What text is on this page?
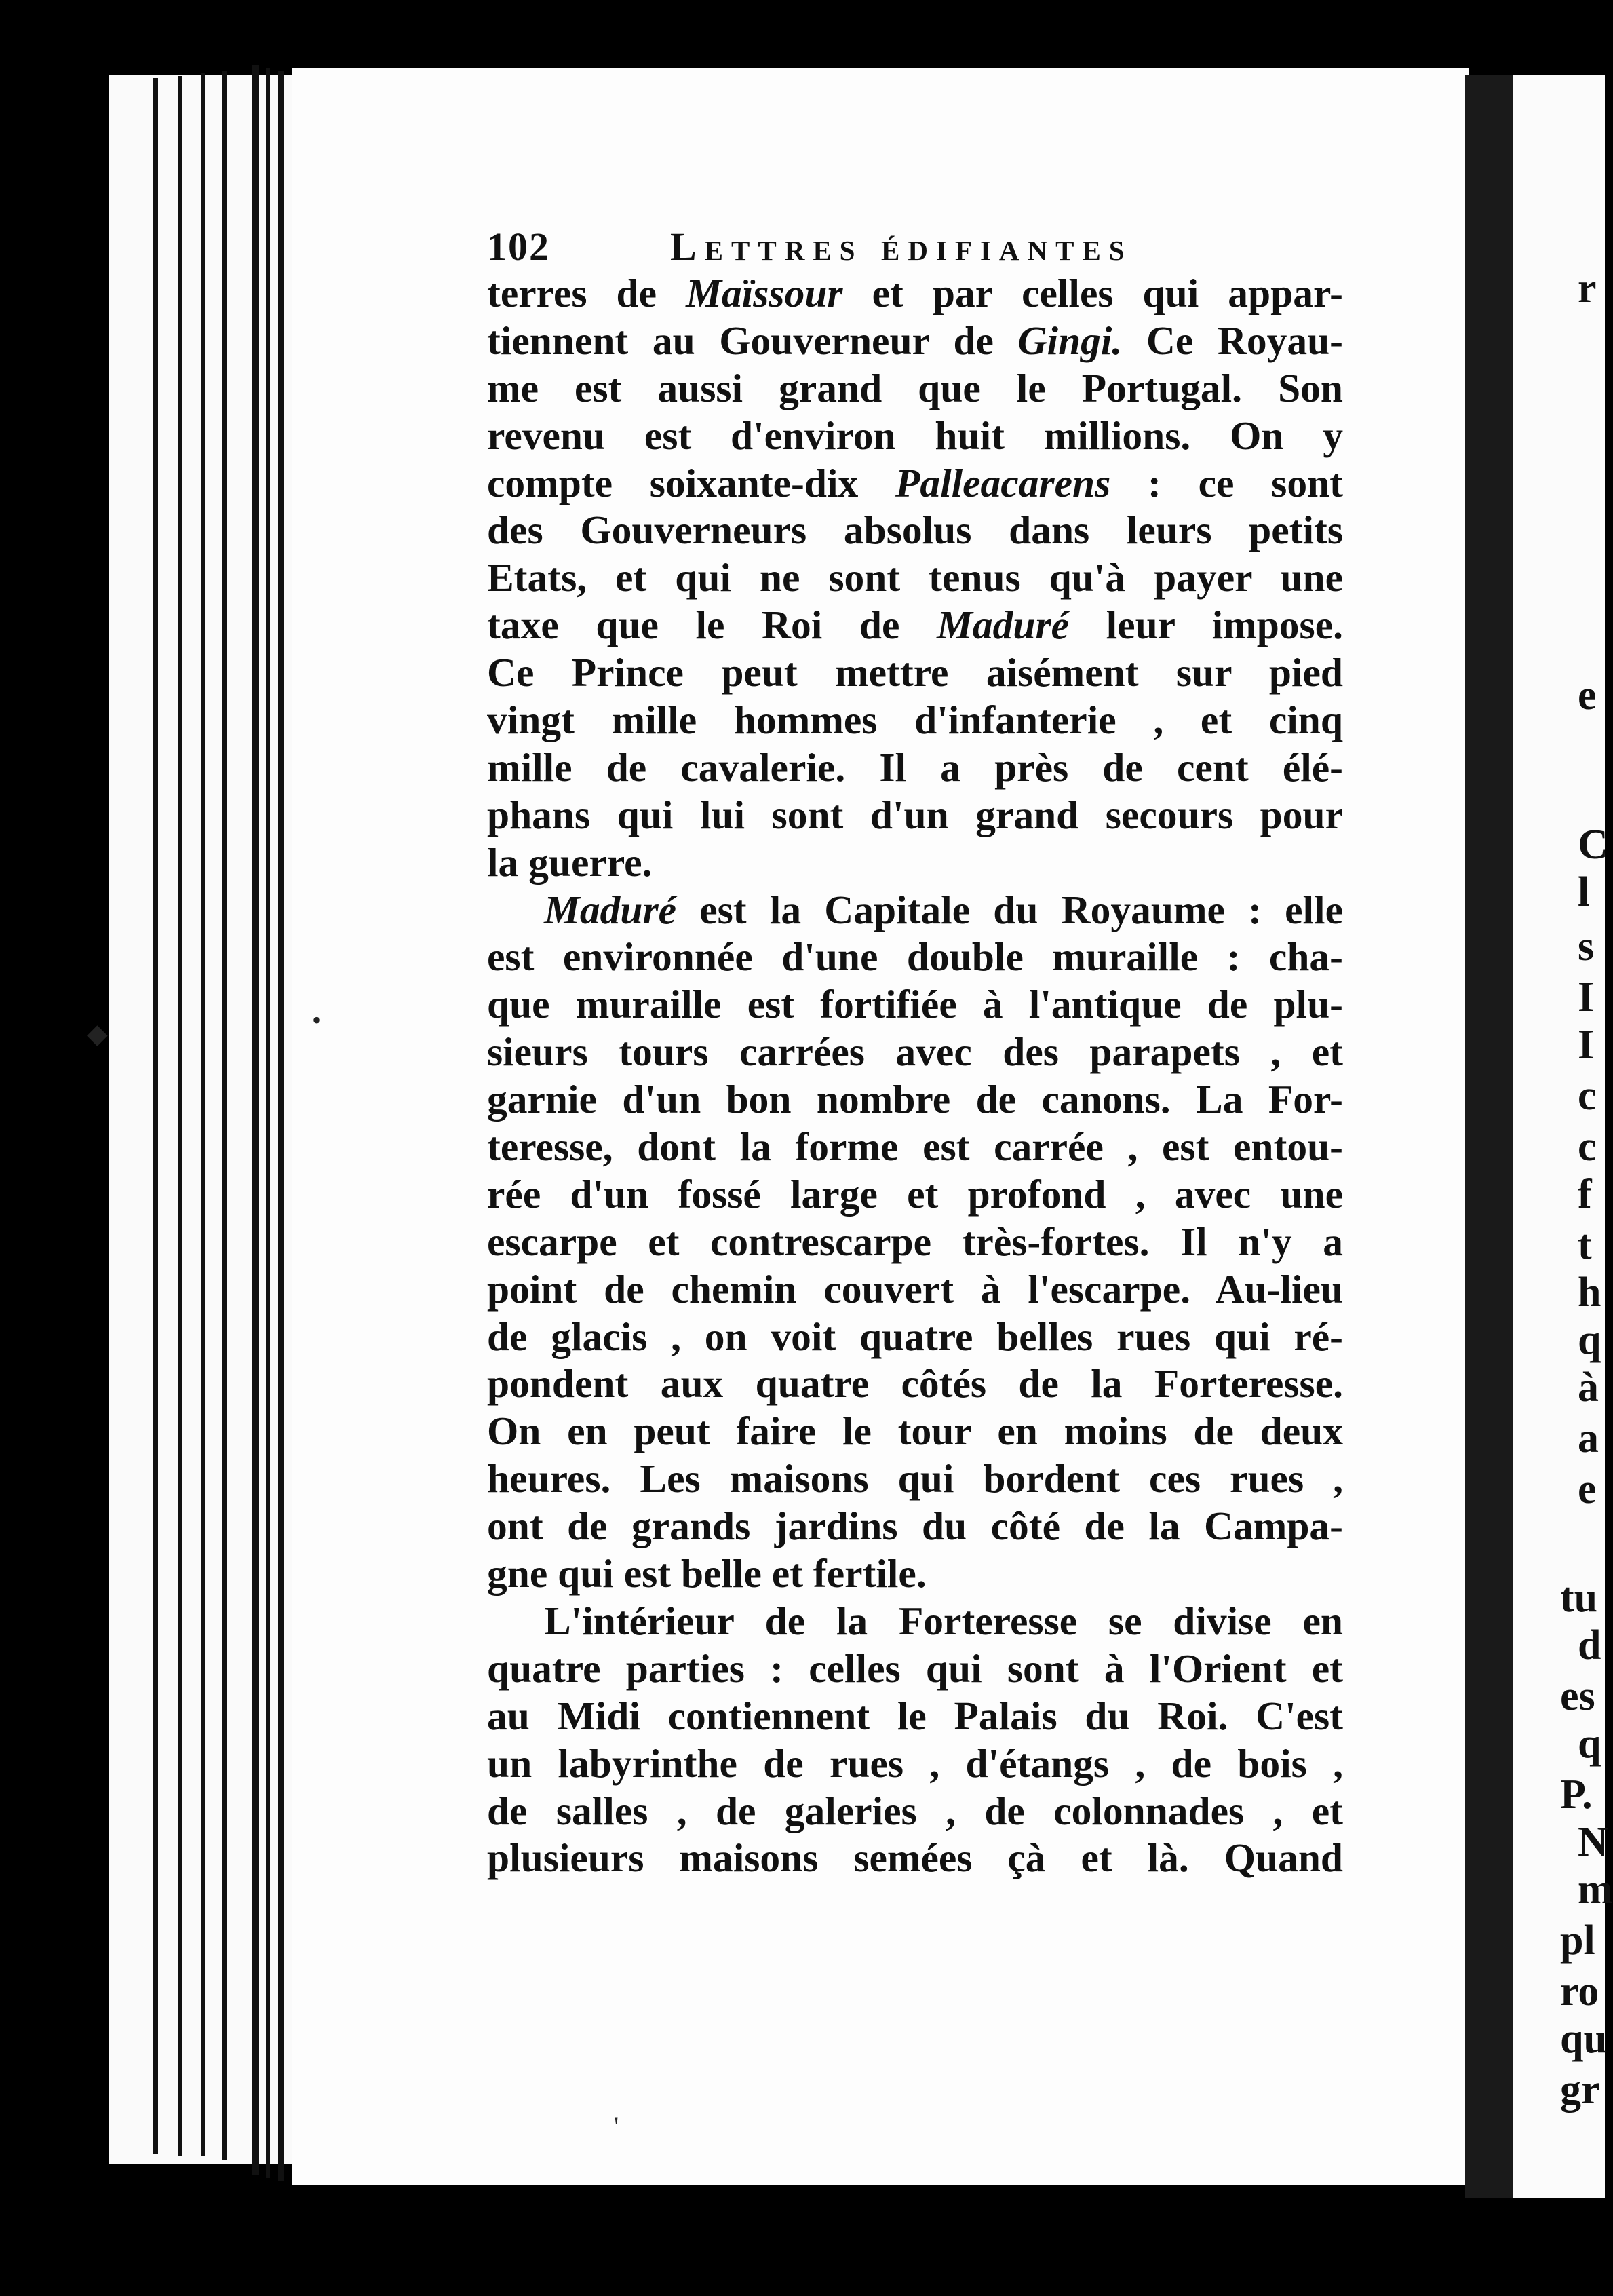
r
e
C
l
s
I
I
c
c
f
t
h
q
à
a
e
tu
d
es
q
P.
N
m
pl
ro
qu
gr
102	Lettres édifiantes
terres de Maïssour et par celles qui appar-
tiennent au Gouverneur de Gingi. Ce Royau-
me est aussi grand que le Portugal. Son
revenu est d'environ huit millions. On y
compte soixante-dix Palleacarens : ce sont
des Gouverneurs absolus dans leurs petits
Etats, et qui ne sont tenus qu'à payer une
taxe que le Roi de Maduré leur impose.
Ce Prince peut mettre aisément sur pied
vingt mille hommes d'infanterie , et cinq
mille de cavalerie. Il a près de cent élé-
phans qui lui sont d'un grand secours pour
la guerre.
Maduré est la Capitale du Royaume : elle
est environnée d'une double muraille : cha-
que muraille est fortifiée à l'antique de plu-
sieurs tours carrées avec des parapets , et
garnie d'un bon nombre de canons. La For-
teresse, dont la forme est carrée , est entou-
rée d'un fossé large et profond , avec une
escarpe et contrescarpe très-fortes. Il n'y a
point de chemin couvert à l'escarpe. Au-lieu
de glacis , on voit quatre belles rues qui ré-
pondent aux quatre côtés de la Forteresse.
On en peut faire le tour en moins de deux
heures. Les maisons qui bordent ces rues ,
ont de grands jardins du côté de la Campa-
gne qui est belle et fertile.
L'intérieur de la Forteresse se divise en
quatre parties : celles qui sont à l'Orient et
au Midi contiennent le Palais du Roi. C'est
un labyrinthe de rues , d'étangs , de bois ,
de salles , de galeries , de colonnades , et
plusieurs maisons semées çà et là. Quand
•
◆
'
